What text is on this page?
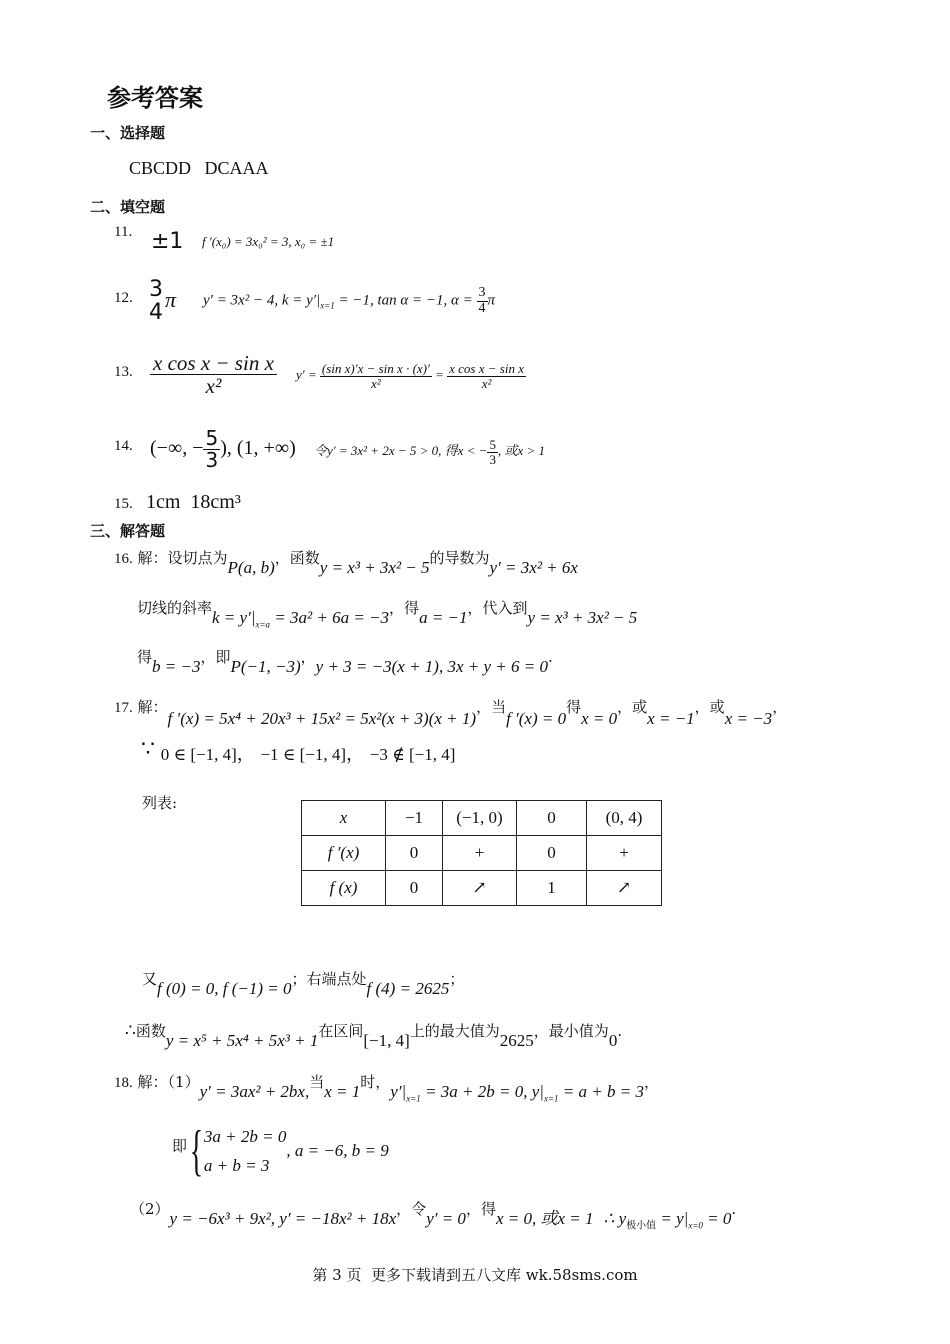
参考答案
一、选择题
CBCDD   DCAAA
二、填空题
11. ±1 f ′(x₀) = 3x₀² = 3, x₀ = ±1
12. 3
4
π y′ = 3x² − 4, $k = y'|_{x=1} = -1$, tan α = −1, $\alpha = \frac{3}{4}$ π
13. $\frac{\text{x cos x − sin x}}{\text{x²}} y' = \frac{\text{(sin x)′x − sin x · (x)′}}{\text{x²}} = \frac{\text{x cos x − sin x}}{\text{x²}}$
14. (−∞, − $\frac{5}{3}$ ), (1, +∞) 令y′ = 3x² + 2x − 5 > 0, 得x < − $\frac{5}{3}$ , 或x > 1
15. 1cm  18cm³
三、解答题
16. 解：设切点为P(a, b)，函数y = x³ + 3x² − 5的导数为y′ = 3x² + 6x
切线的斜率$k = y'|_{x=a} = 3a^2 + 6a = -3$，得a = −1，代入到y = x³ + 3x² − 5
得b = −3，即P(−1, −3)，y + 3 = −3(x + 1), 3x + y + 6 = 0.
17. 解：f ′(x) = 5x⁴ + 20x³ + 15x² = 5x²(x + 3)(x + 1)，当f ′(x) = 0得x = 0，或x = −1，或x = −3，
∵ 0 ∈ [−1, 4]， −1 ∈ [−1, 4]， −3 ∉ [−1, 4]
列表:
x	−1	(−1, 0)	0	(0, 4)
f ′(x)	0	+	0	+
f (x)	0	↗	1	↗
又f (0) = 0, f (−1) = 0；右端点处f (4) = 2625；
∴函数y = x⁵ + 5x⁴ + 5x³ + 1在区间[−1, 4]上的最大值为2625，最小值为0.
18. 解：（1）y′ = 3ax² + 2bx,当x = 1时，$y'|_{x=1} = 3a + 2b = 0$, $y|_{x=1} = a + b = 3$，
即{ 3a + 2b = 0
a + b = 3
, a = −6, b = 9
（2）y = −6x³ + 9x², y′ = −18x² + 18x，令y′ = 0，得x = 0, 或x = 1 ∴ $y_{极小值} = y|_{x=0} = 0$.
第 3 页  更多下载请到五八文库 wk.58sms.com
